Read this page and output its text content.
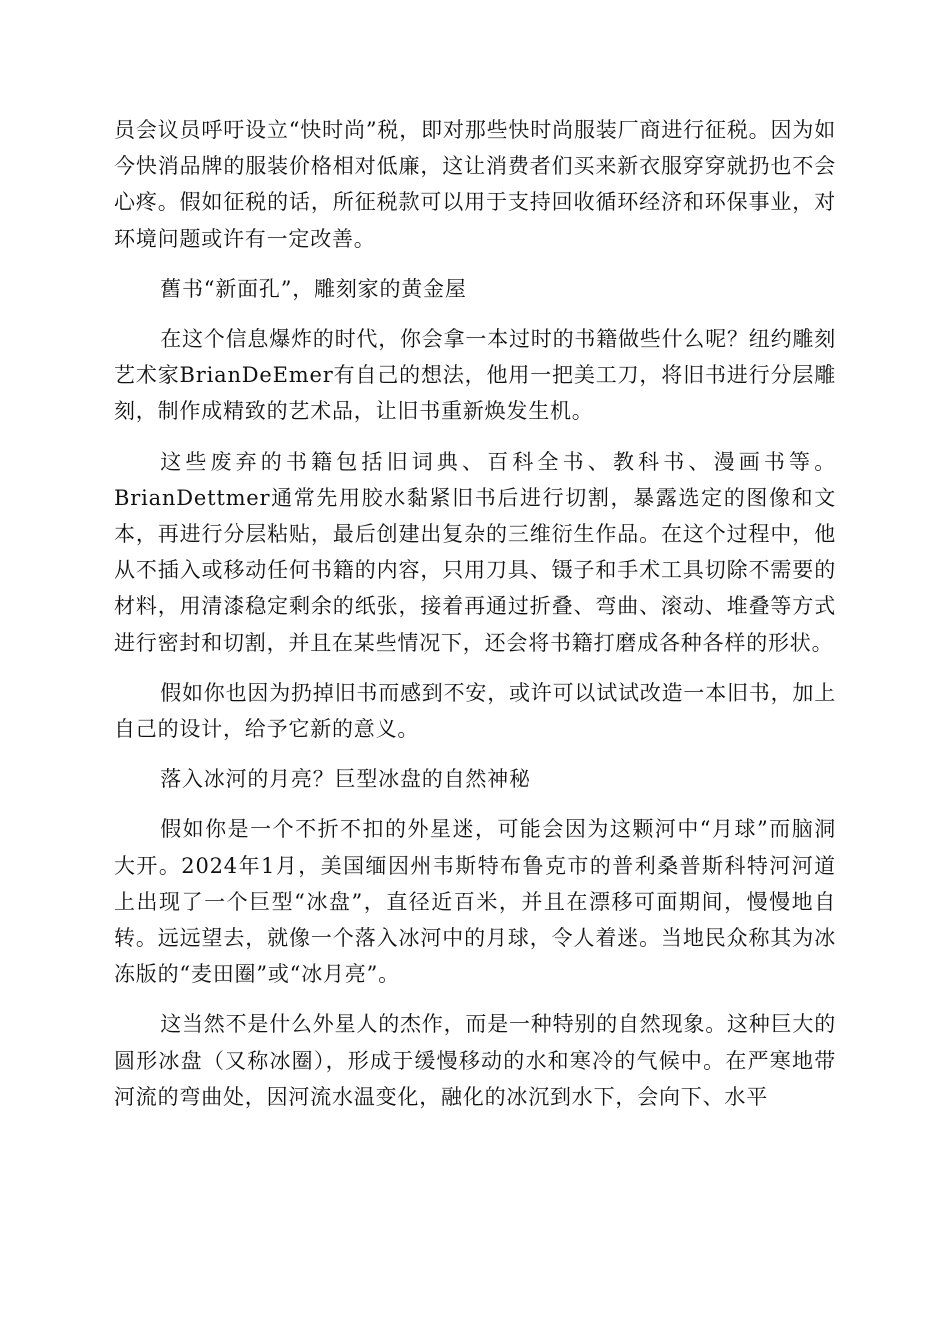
员会议员呼吁设立“快时尚”税，即对那些快时尚服装厂商进行征税。因为如今快消品牌的服装价格相对低廉，这让消费者们买来新衣服穿穿就扔也不会心疼。假如征税的话，所征税款可以用于支持回收循环经济和环保事业，对环境问题或许有一定改善。

舊书“新面孔”，雕刻家的黄金屋

在这个信息爆炸的时代，你会拿一本过时的书籍做些什么呢？纽约雕刻艺术家BrianDeEmer有自己的想法，他用一把美工刀，将旧书进行分层雕刻，制作成精致的艺术品，让旧书重新焕发生机。

这些废弃的书籍包括旧词典、百科全书、教科书、漫画书等。BrianDettmer通常先用胶水黏紧旧书后进行切割，暴露选定的图像和文本，再进行分层粘贴，最后创建出复杂的三维衍生作品。在这个过程中，他从不插入或移动任何书籍的内容，只用刀具、镊子和手术工具切除不需要的材料，用清漆稳定剩余的纸张，接着再通过折叠、弯曲、滚动、堆叠等方式进行密封和切割，并且在某些情况下，还会将书籍打磨成各种各样的形状。

假如你也因为扔掉旧书而感到不安，或许可以试试改造一本旧书，加上自己的设计，给予它新的意义。

落入冰河的月亮？巨型冰盘的自然神秘

假如你是一个不折不扣的外星迷，可能会因为这颗河中“月球”而脑洞大开。2024年1月，美国缅因州韦斯特布鲁克市的普利桑普斯科特河河道上出现了一个巨型“冰盘”，直径近百米，并且在漂移可面期间，慢慢地自转。远远望去，就像一个落入冰河中的月球，令人着迷。当地民众称其为冰冻版的“麦田圈”或“冰月亮”。

这当然不是什么外星人的杰作，而是一种特别的自然现象。这种巨大的圆形冰盘（又称冰圈），形成于缓慢移动的水和寒冷的气候中。在严寒地带河流的弯曲处，因河流水温变化，融化的冰沉到水下，会向下、水平
